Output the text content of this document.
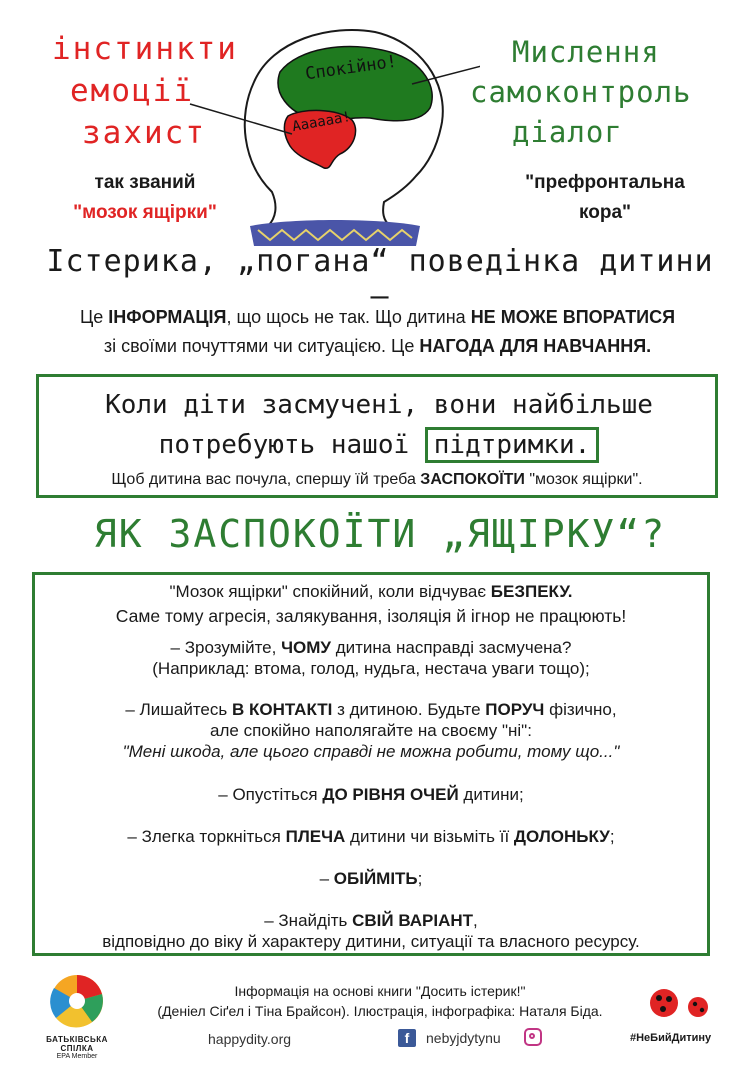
інстинкти
емоції
захист
Мислення
самоконтроль
діалог
Спокійно!
Аааааа!
так званий
"мозок ящірки"
"префронтальна
кора"
Істерика, „погана“ поведінка дитини –
Це ІНФОРМАЦІЯ, що щось не так. Що дитина НЕ МОЖЕ ВПОРАТИСЯ
зі своїми почуттями чи ситуацією. Це НАГОДА ДЛЯ НАВЧАННЯ.
Коли діти засмучені, вони найбільше
потребують нашої підтримки.
Щоб дитина вас почула, спершу їй треба ЗАСПОКОЇТИ "мозок ящірки".
ЯК ЗАСПОКОЇТИ „ЯЩІРКУ“?

"Мозок ящірки" спокійний, коли відчуває БЕЗПЕКУ.

Саме тому агресія, залякування, ізоляція й ігнор не працюють!

– Зрозумійте, ЧОМУ дитина насправді засмучена?

(Наприклад: втома, голод, нудьга, нестача уваги тощо);

– Лишайтесь В КОНТАКТІ з дитиною. Будьте ПОРУЧ фізично,

але спокійно наполягайте на своєму "ні":

"Мені шкода, але цього справді не можна робити, тому що..."

– Опустіться ДО РІВНЯ ОЧЕЙ дитини;

– Злегка торкніться ПЛЕЧА дитини чи візьміть її ДОЛОНЬКУ;

– ОБІЙМІТЬ;

– Знайдіть СВІЙ ВАРІАНТ,

відповідно до віку й характеру дитини, ситуації та власного ресурсу.

БАТЬКІВСЬКА СПІЛКА
EPA Member
Інформація на основі книги "Досить істерик!"
(Деніел Сіґел і Тіна Брайсон). Ілюстрація, інфографіка: Наталя Біда.
happydity.org	f	nebyjdytynu	#НеБийДитину
